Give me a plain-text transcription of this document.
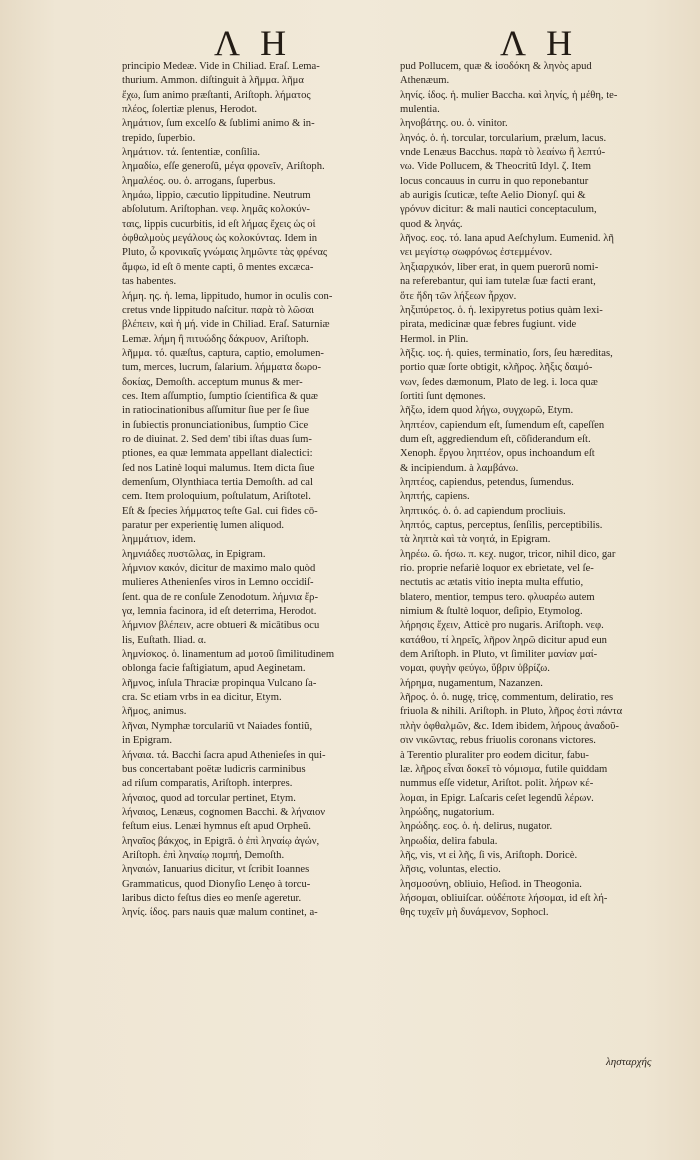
Λ Η	Λ Η
principio Medeæ. Vide in Chiliad. Eraſ. Lema-
thurium. Ammon. diſtinguit à λῆμμα. λῆμα
ἔχω, ſum animo præſtanti, Ariſtoph. λήματος
πλέος, ſolertiæ plenus, Herodot.
λημάτιον, ſum excelſo & ſublimi animo & in-
trepido, ſuperbio.
λημάτιον. τά. ſententiæ, conſilia.
λημαδίω, eſſe generoſũ, μέγα φρονεῖν, Ariſtoph.
λημαλέος. ου. ὁ. arrogans, ſuperbus.
λημάω, lippio, cæcutio lippitudine. Neutrum
abſolutum. Ariſtophan. νεφ. λημᾶς κολοκύν-
ταις, lippis cucurbitis, id eſt λήμας ἔχεις ὡς οἱ
ὀφθαλμοὺς μεγάλους ὡς κολοκύντας. Idem in
Pluto, ὦ κρονικαῖς γνώμαις λημῶντε τὰς φρένας
ἄμφω, id eſt ô mente capti, ô mentes excæca-
tas habentes.
λήμη. ης. ἡ. lema, lippitudo, humor in oculis con-
cretus vnde lippitudo naſcitur. παρὰ τὸ λῶσαι
βλέπειν, καὶ ἡ μή. vide in Chiliad. Eraſ. Saturniæ
Lemæ. λήμη ἢ πιτυώδης δάκρυον, Ariſtoph.
λῆμμα. τό. quæſtus, captura, captio, emolumen-
tum, merces, lucrum, ſalarium. λήμματα δωρο-
δοκίας, Demoſth. acceptum munus & mer-
ces. Item aſſumptio, ſumptio ſcientifica & quæ
in ratiocinationibus aſſumitur ſiue per ſe ſiue
in ſubiectis pronunciationibus, ſumptio Cice
ro de diuinat. 2. Sed dem' tibi iſtas duas ſum-
ptiones, ea quæ lemmata appellant dialectici:
ſed nos Latinè loqui malumus. Item dicta ſiue
demenſum, Olynthiaca tertia Demoſth. ad cal
cem. Item proloquium, poſtulatum, Ariſtotel.
Eſt & ſpecies λήμματος teſte Gal. cui fides cō-
paratur per experientię lumen aliquod.
λημμάτιον, idem.
λημνιάδες πυστῶλας, in Epigram.
λήμνιον κακόν, dicitur de maximo malo quòd
mulieres Athenienſes viros in Lemno occidiſ-
ſent. qua de re conſule Zenodotum. λήμνια ἔρ-
γα, lemnia facinora, id eſt deterrima, Herodot.
λήμνιον βλέπειν, acre obtueri & micātibus ocu
lis, Euſtath. Iliad. α.
λημνίσκος. ὁ. linamentum ad μοτοῦ ſimilitudinem
oblonga facie faſtigiatum, apud Aeginetam.
λῆμνος, inſula Thraciæ propinqua Vulcano ſa-
cra. Sc etiam vrbs in ea dicitur, Etym.
λῆμος, animus.
λῆναι, Nymphæ torculariũ vt Naiades fontiũ,
in Epigram.
λήναια. τά. Bacchi ſacra apud Athenieſes in qui-
bus concertabant poëtæ ludicris carminibus
ad riſum comparatis, Ariſtoph. interpres.
λήναιος, quod ad torcular pertinet, Etym.
λήναιος, Lenæus, cognomen Bacchi. & λήναιον
feſtum eius. Lenæi hymnus eſt apud Orpheũ.
ληναῖος βάκχος, in Epigrā. ὁ ἐπὶ ληναίῳ ἀγών,
Ariſtoph. ἐπὶ ληναίῳ πομπή, Demoſth.
ληναιών, Ianuarius dicitur, vt ſcribit Ioannes
Grammaticus, quod Dionyſio Lenęo à torcu-
laribus dicto feſtus dies eo menſe ageretur.
ληνίς. ίδος. pars nauis quæ malum continet, a-
pud Pollucem, quæ & ἰσοδόκη & ληνὸς apud
Athenæum.
ληνίς. ίδος. ἡ. mulier Baccha. καὶ ληνίς, ἡ μέθη, te-
mulentia.
ληνοβάτης. ου. ὁ. vinitor.
ληνός. ὁ. ἡ. torcular, torcularium, prælum, lacus.
vnde Lenæus Bacchus. παρὰ τὸ λεαίνω ἢ λεπτύ-
νω. Vide Pollucem, & Theocritũ Idyl. ζ. Item
locus concauus in curru in quo reponebantur
ab aurigis ſcuticæ, teſte Aelio Dionyſ. qui &
γρόνυν dicitur: & mali nautici conceptaculum,
quod & ληνάς.
λῆνος. εος. τό. lana apud Aeſchylum. Eumenid. λῆ
νει μεγίστῳ σωφρόνως ἐστεμμένον.
ληξιαρχικόν, liber erat, in quem puerorũ nomi-
na referebantur, qui iam tutelæ ſuæ facti erant,
ὅτε ἤδη τῶν λήξεων ἦρχον.
ληξιπύρετος. ὁ. ἡ. lexipyretus potius quàm lexi-
pirata, medicinæ quæ febres fugiunt. vide
Hermol. in Plin.
λῆξις. ιος. ἡ. quies, terminatio, ſors, ſeu hæreditas,
portio quæ ſorte obtigit, κλῆρος. λῆξις δαιμό-
νων, ſedes dæmonum, Plato de leg. i. loca quæ
ſortiti ſunt dęmones.
λῆξω, idem quod λήγω, συγχωρῶ, Etym.
ληπτέον, capiendum eſt, ſumendum eſt, capeſſen
dum eſt, aggrediendum eſt, cōſiderandum eſt.
Xenoph. ἔργου ληπτέον, opus inchoandum eſt
& incipiendum. à λαμβάνω.
ληπτέος, capiendus, petendus, ſumendus.
ληπτής, capiens.
ληπτικός. ὁ. ὁ. ad capiendum procliuis.
ληπτός, captus, perceptus, ſenſilis, perceptibilis.
τὰ ληπτὰ καὶ τὰ νοητά, in Epigram.
ληρέω. ῶ. ήσω. π. κεχ. nugor, tricor, nihil dico, gar
rio. proprie nefariè loquor ex ebrietate, vel ſe-
nectutis ac ætatis vitio inepta multa effutio,
blatero, mentior, tempus tero. φλυαρέω autem
nimium & ſtultè loquor, deſipio, Etymolog.
λήρησις ἔχειν, Atticè pro nugaris. Ariſtoph. νεφ.
κατάθου, τί ληρεῖς, λῆρον ληρῶ dicitur apud eun
dem Ariſtoph. in Pluto, vt ſimiliter μανίαν μαί-
νομαι, φυγὴν φεύγω, ὕβριν ὑβρίζω.
λήρημα, nugamentum, Nazanzen.
λῆρος. ὁ. ὁ. nugę, tricę, commentum, deliratio, res
friuola & nihili. Ariſtoph. in Pluto, λῆρος ἐστὶ πάντα
πλὴν ὀφθαλμῶν, &c. Idem ibidem, λήρους ἀναδοῦ-
σιν νικῶντας, rebus friuolis coronans victores.
à Terentio pluraliter pro eodem dicitur, fabu-
læ. λῆρος εἶναι δοκεῖ τὸ νόμισμα, futile quiddam
nummus eſſe videtur, Ariſtot. polit. λήρων κέ-
λομαι, in Epigr. Laſcaris ceſet legendũ λέρων.
ληρώδης, nugatorium.
ληρώδης. εος. ὁ. ἡ. delirus, nugator.
ληρωδία, delira fabula.
λῆς, vis, vt εἰ λῆς, ſi vis, Ariſtoph. Doricè.
λῆσις, voluntas, electio.
λησμοσύνη, obliuio, Heſiod. in Theogonia.
λήσομαι, obliuiſcar. οὐδέποτε λήσομαι, id eſt λή-
θης τυχεῖν μὴ δυνάμενον, Sophocl.
λησταρχής
